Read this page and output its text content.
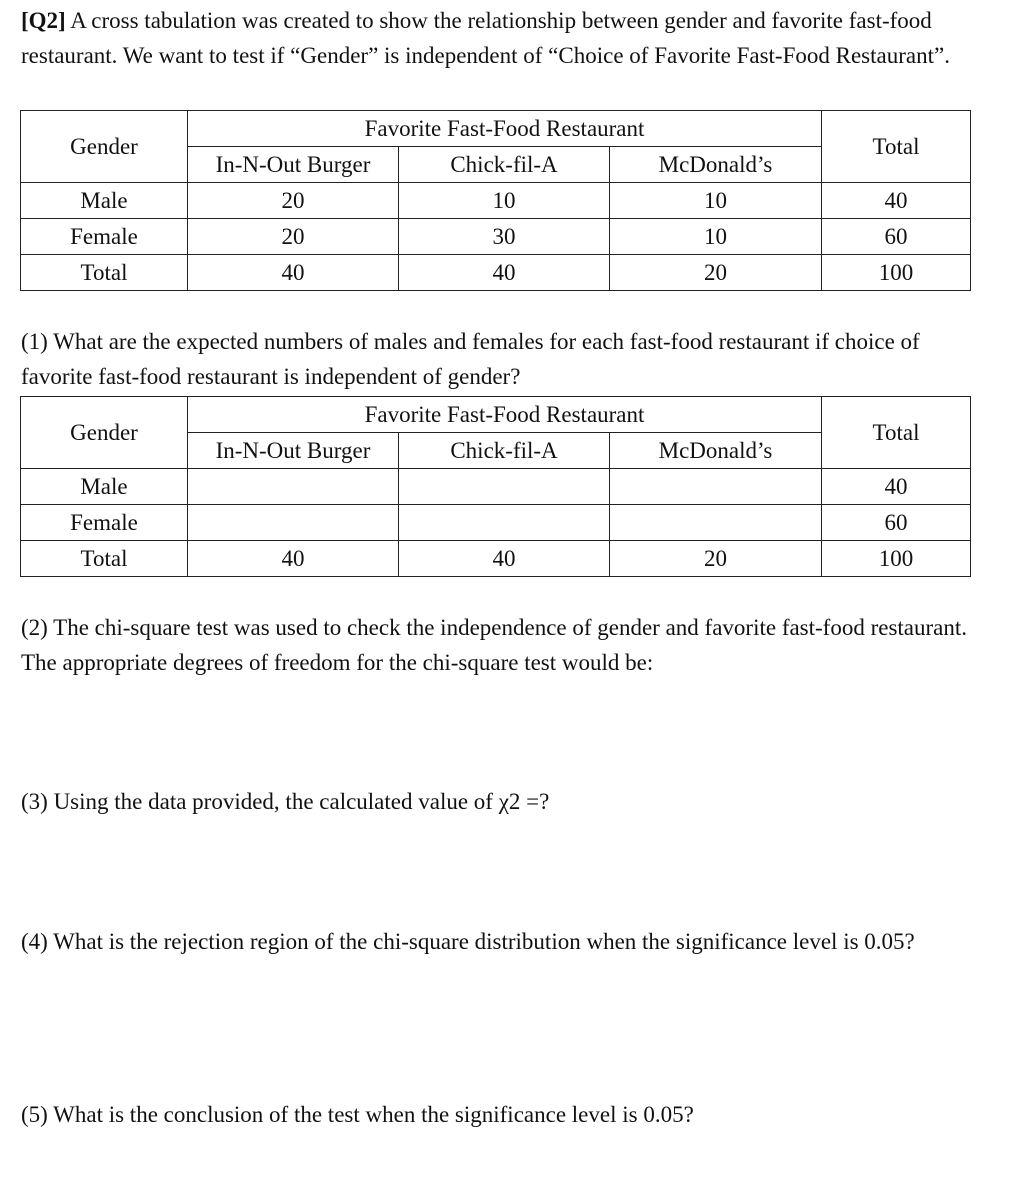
[Q2] A cross tabulation was created to show the relationship between gender and favorite fast-food restaurant. We want to test if “Gender” is independent of “Choice of Favorite Fast-Food Restaurant”.

Gender	Favorite Fast-Food Restaurant			Total
	In-N-Out Burger	Chick-fil-A	McDonald’s	
Male	20	10	10	40
Female	20	30	10	60
Total	40	40	20	100

(1) What are the expected numbers of males and females for each fast-food restaurant if choice of favorite fast-food restaurant is independent of gender?

Gender	Favorite Fast-Food Restaurant			Total
	In-N-Out Burger	Chick-fil-A	McDonald’s	
Male				40
Female				60
Total	40	40	20	100

(2) The chi-square test was used to check the independence of gender and favorite fast-food restaurant. The appropriate degrees of freedom for the chi-square test would be:

(3) Using the data provided, the calculated value of χ2 =?

(4) What is the rejection region of the chi-square distribution when the significance level is 0.05?

(5) What is the conclusion of the test when the significance level is 0.05?
